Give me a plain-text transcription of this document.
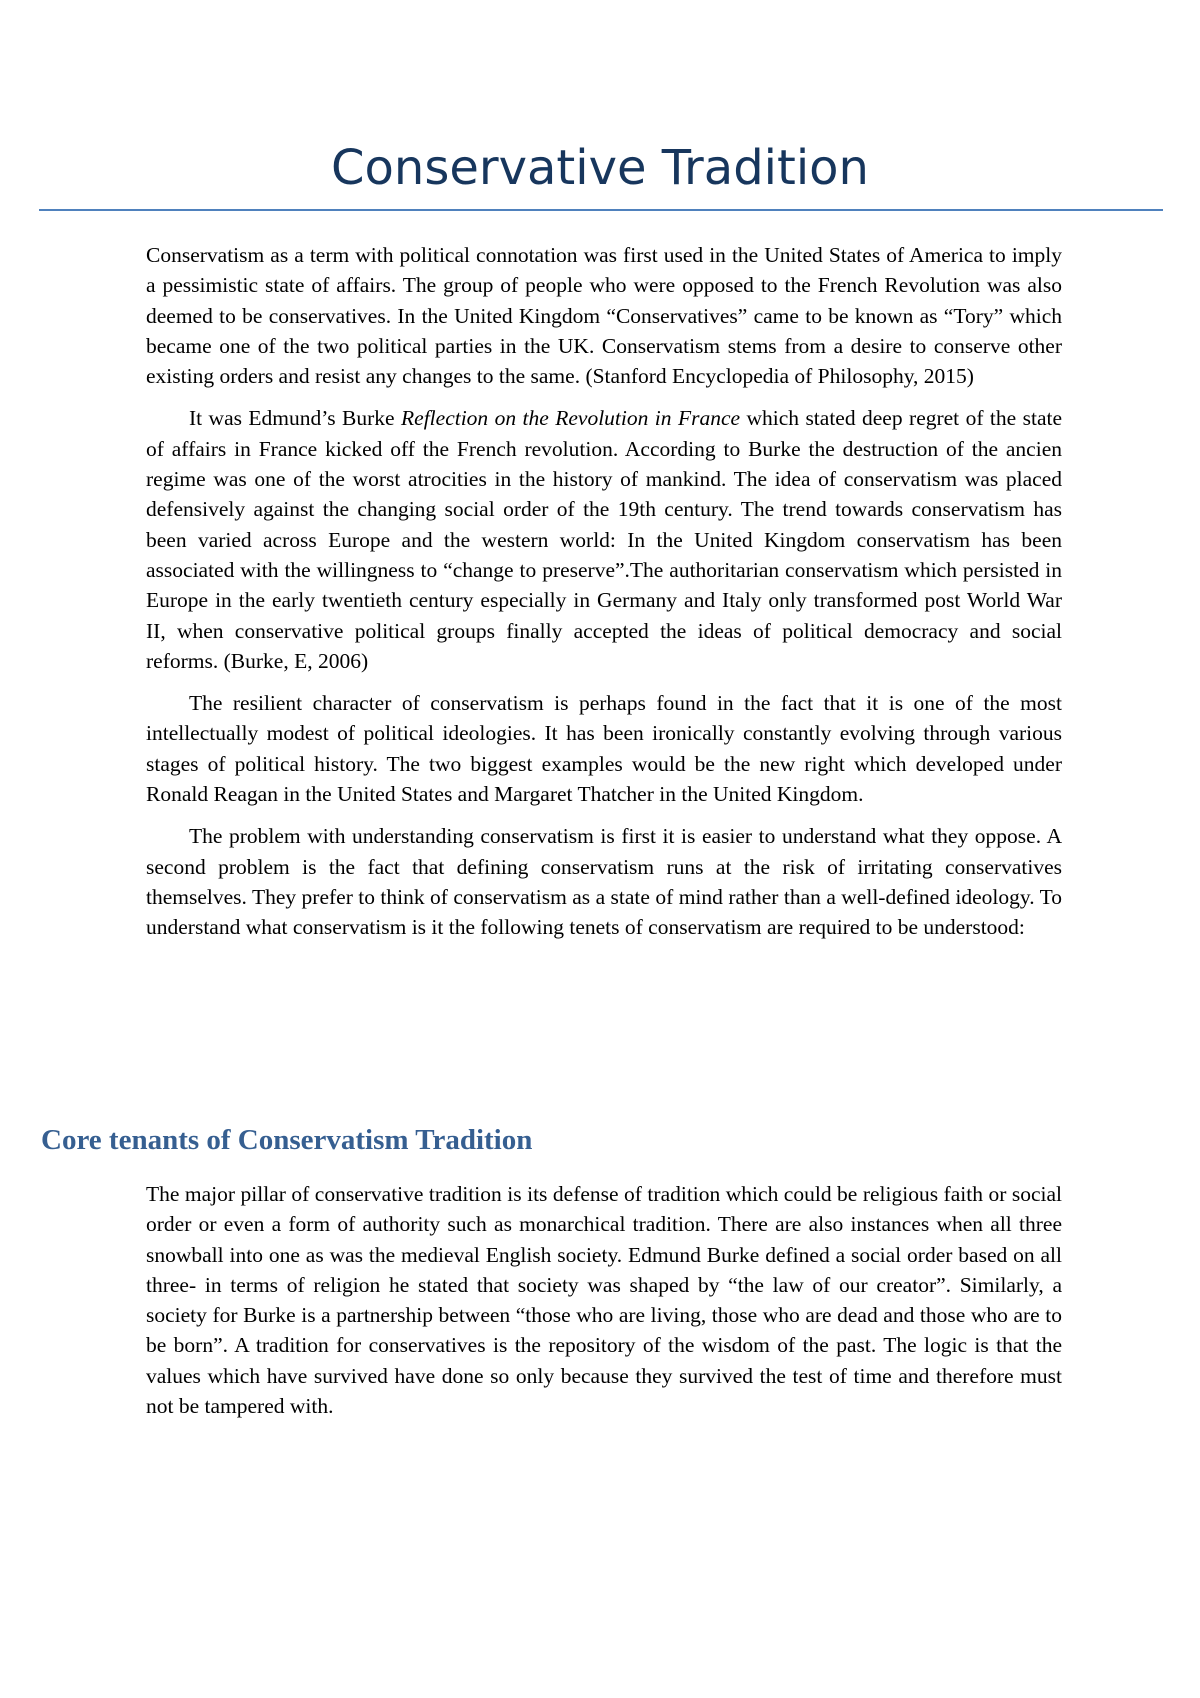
Conservative Tradition

Conservatism as a term with political connotation was first used in the United States of America to imply a pessimistic state of affairs. The group of people who were opposed to the French Revolution was also deemed to be conservatives. In the United Kingdom “Conservatives” came to be known as “Tory” which became one of the two political parties in the UK. Conservatism stems from a desire to conserve other existing orders and resist any changes to the same. (Stanford Encyclopedia of Philosophy, 2015)

It was Edmund’s Burke Reflection on the Revolution in France which stated deep regret of the state of affairs in France kicked off the French revolution. According to Burke the destruction of the ancien regime was one of the worst atrocities in the history of mankind. The idea of conservatism was placed defensively against the changing social order of the 19th century. The trend towards conservatism has been varied across Europe and the western world: In the United Kingdom conservatism has been associated with the willingness to “change to preserve”.The authoritarian conservatism which persisted in Europe in the early twentieth century especially in Germany and Italy only transformed post World War II, when conservative political groups finally accepted the ideas of political democracy and social reforms. (Burke, E, 2006)

The resilient character of conservatism is perhaps found in the fact that it is one of the most intellectually modest of political ideologies. It has been ironically constantly evolving through various stages of political history. The two biggest examples would be the new right which developed under Ronald Reagan in the United States and Margaret Thatcher in the United Kingdom.

The problem with understanding conservatism is first it is easier to understand what they oppose. A second problem is the fact that defining conservatism runs at the risk of irritating conservatives themselves. They prefer to think of conservatism as a state of mind rather than a well-defined ideology. To understand what conservatism is it the following tenets of conservatism are required to be understood:

Core tenants of Conservatism Tradition

The major pillar of conservative tradition is its defense of tradition which could be religious faith or social order or even a form of authority such as monarchical tradition. There are also instances when all three snowball into one as was the medieval English society. Edmund Burke defined a social order based on all three- in terms of religion he stated that society was shaped by “the law of our creator”. Similarly, a society for Burke is a partnership between “those who are living, those who are dead and those who are to be born”. A tradition for conservatives is the repository of the wisdom of the past. The logic is that the values which have survived have done so only because they survived the test of time and therefore must not be tampered with.
